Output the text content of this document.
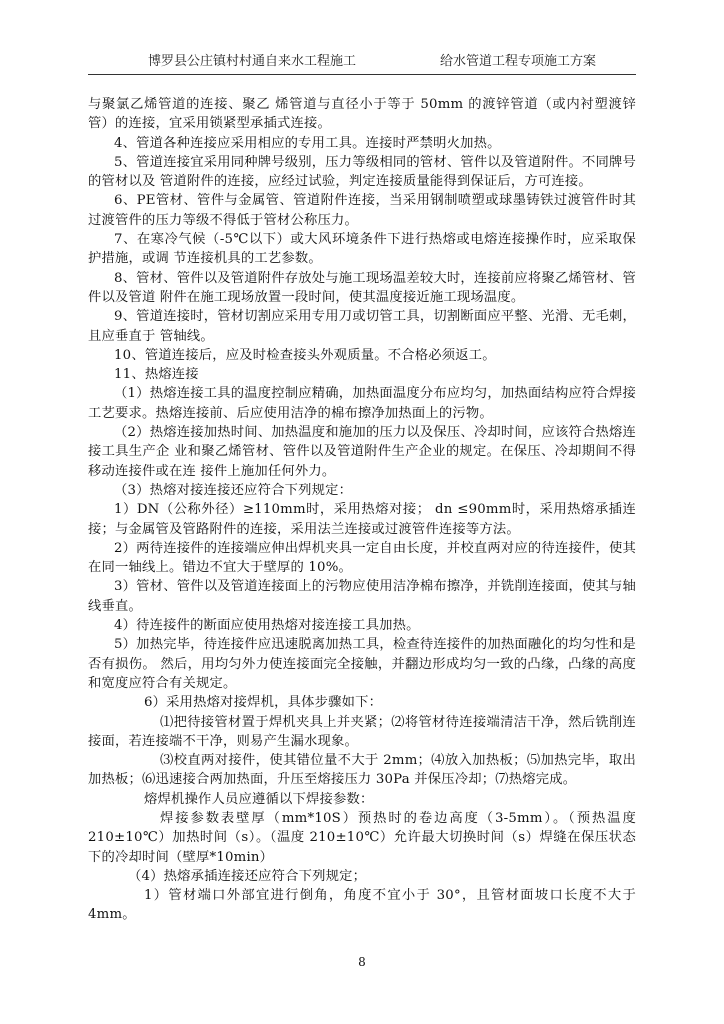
博罗县公庄镇村村通自来水工程施工	给水管道工程专项施工方案

与聚氯乙烯管道的连接、聚乙 烯管道与直径小于等于 50mm 的渡锌管道（或内衬塑渡锌管）的连接，宜采用锁紧型承插式连接。

4、管道各种连接应采用相应的专用工具。连接时严禁明火加热。

5、管道连接宜采用同种牌号级别，压力等级相同的管材、管件以及管道附件。不同牌号的管材以及 管道附件的连接，应经过试验，判定连接质量能得到保证后，方可连接。

6、PE管材、管件与金属管、管道附件连接，当采用钢制喷塑或球墨铸铁过渡管件时其过渡管件的压力等级不得低于管材公称压力。

7、在寒冷气候（-5℃以下）或大风环境条件下进行热熔或电熔连接操作时，应采取保护措施，或调 节连接机具的工艺参数。

8、管材、管件以及管道附件存放处与施工现场温差较大时，连接前应将聚乙烯管材、管件以及管道 附件在施工现场放置一段时间，使其温度接近施工现场温度。

9、管道连接时，管材切割应采用专用刀或切管工具，切割断面应平整、光滑、无毛刺，且应垂直于 管轴线。

10、管道连接后，应及时检查接头外观质量。不合格必须返工。

11、热熔连接

（1）热熔连接工具的温度控制应精确，加热面温度分布应均匀，加热面结构应符合焊接工艺要求。热熔连接前、后应使用洁净的棉布擦净加热面上的污物。

（2）热熔连接加热时间、加热温度和施加的压力以及保压、冷却时间，应该符合热熔连接工具生产企 业和聚乙烯管材、管件以及管道附件生产企业的规定。在保压、冷却期间不得移动连接件或在连 接件上施加任何外力。

（3）热熔对接连接还应符合下列规定：

1）DN（公称外径）≥110mm时，采用热熔对接； dn ≤90mm时，采用热熔承插连接；与金属管及管路附件的连接，采用法兰连接或过渡管件连接等方法。

2）两待连接件的连接端应伸出焊机夹具一定自由长度，并校直两对应的待连接件，使其在同一轴线上。错边不宜大于壁厚的 10%。

3）管材、管件以及管道连接面上的污物应使用洁净棉布擦净，并铣削连接面，使其与轴线垂直。

4）待连接件的断面应使用热熔对接连接工具加热。

5）加热完毕，待连接件应迅速脱离加热工具，检查待连接件的加热面融化的均匀性和是否有损伤。 然后，用均匀外力使连接面完全接触，并翻边形成均匀一致的凸缘，凸缘的高度和宽度应符合有关规定。

6）采用热熔对接焊机，具体步骤如下：

⑴把待接管材置于焊机夹具上并夹紧；⑵将管材待连接端清洁干净，然后铣削连接面，若连接端不干净，则易产生漏水现象。

⑶校直两对接件，使其错位量不大于 2mm；⑷放入加热板；⑸加热完毕，取出加热板；⑹迅速接合两加热面，升压至熔接压力 30Pa 并保压冷却；⑺热熔完成。

熔焊机操作人员应遵循以下焊接参数：

焊接参数表壁厚（mm*10S）预热时的卷边高度（3-5mm）。（预热温度210±10℃）加热时间（s）。（温度 210±10℃）允许最大切换时间（s）焊缝在保压状态下的冷却时间（壁厚*10min）

（4）热熔承插连接还应符合下列规定；

1）管材端口外部宜进行倒角，角度不宜小于 30°，且管材面坡口长度不大于4mm。

8
